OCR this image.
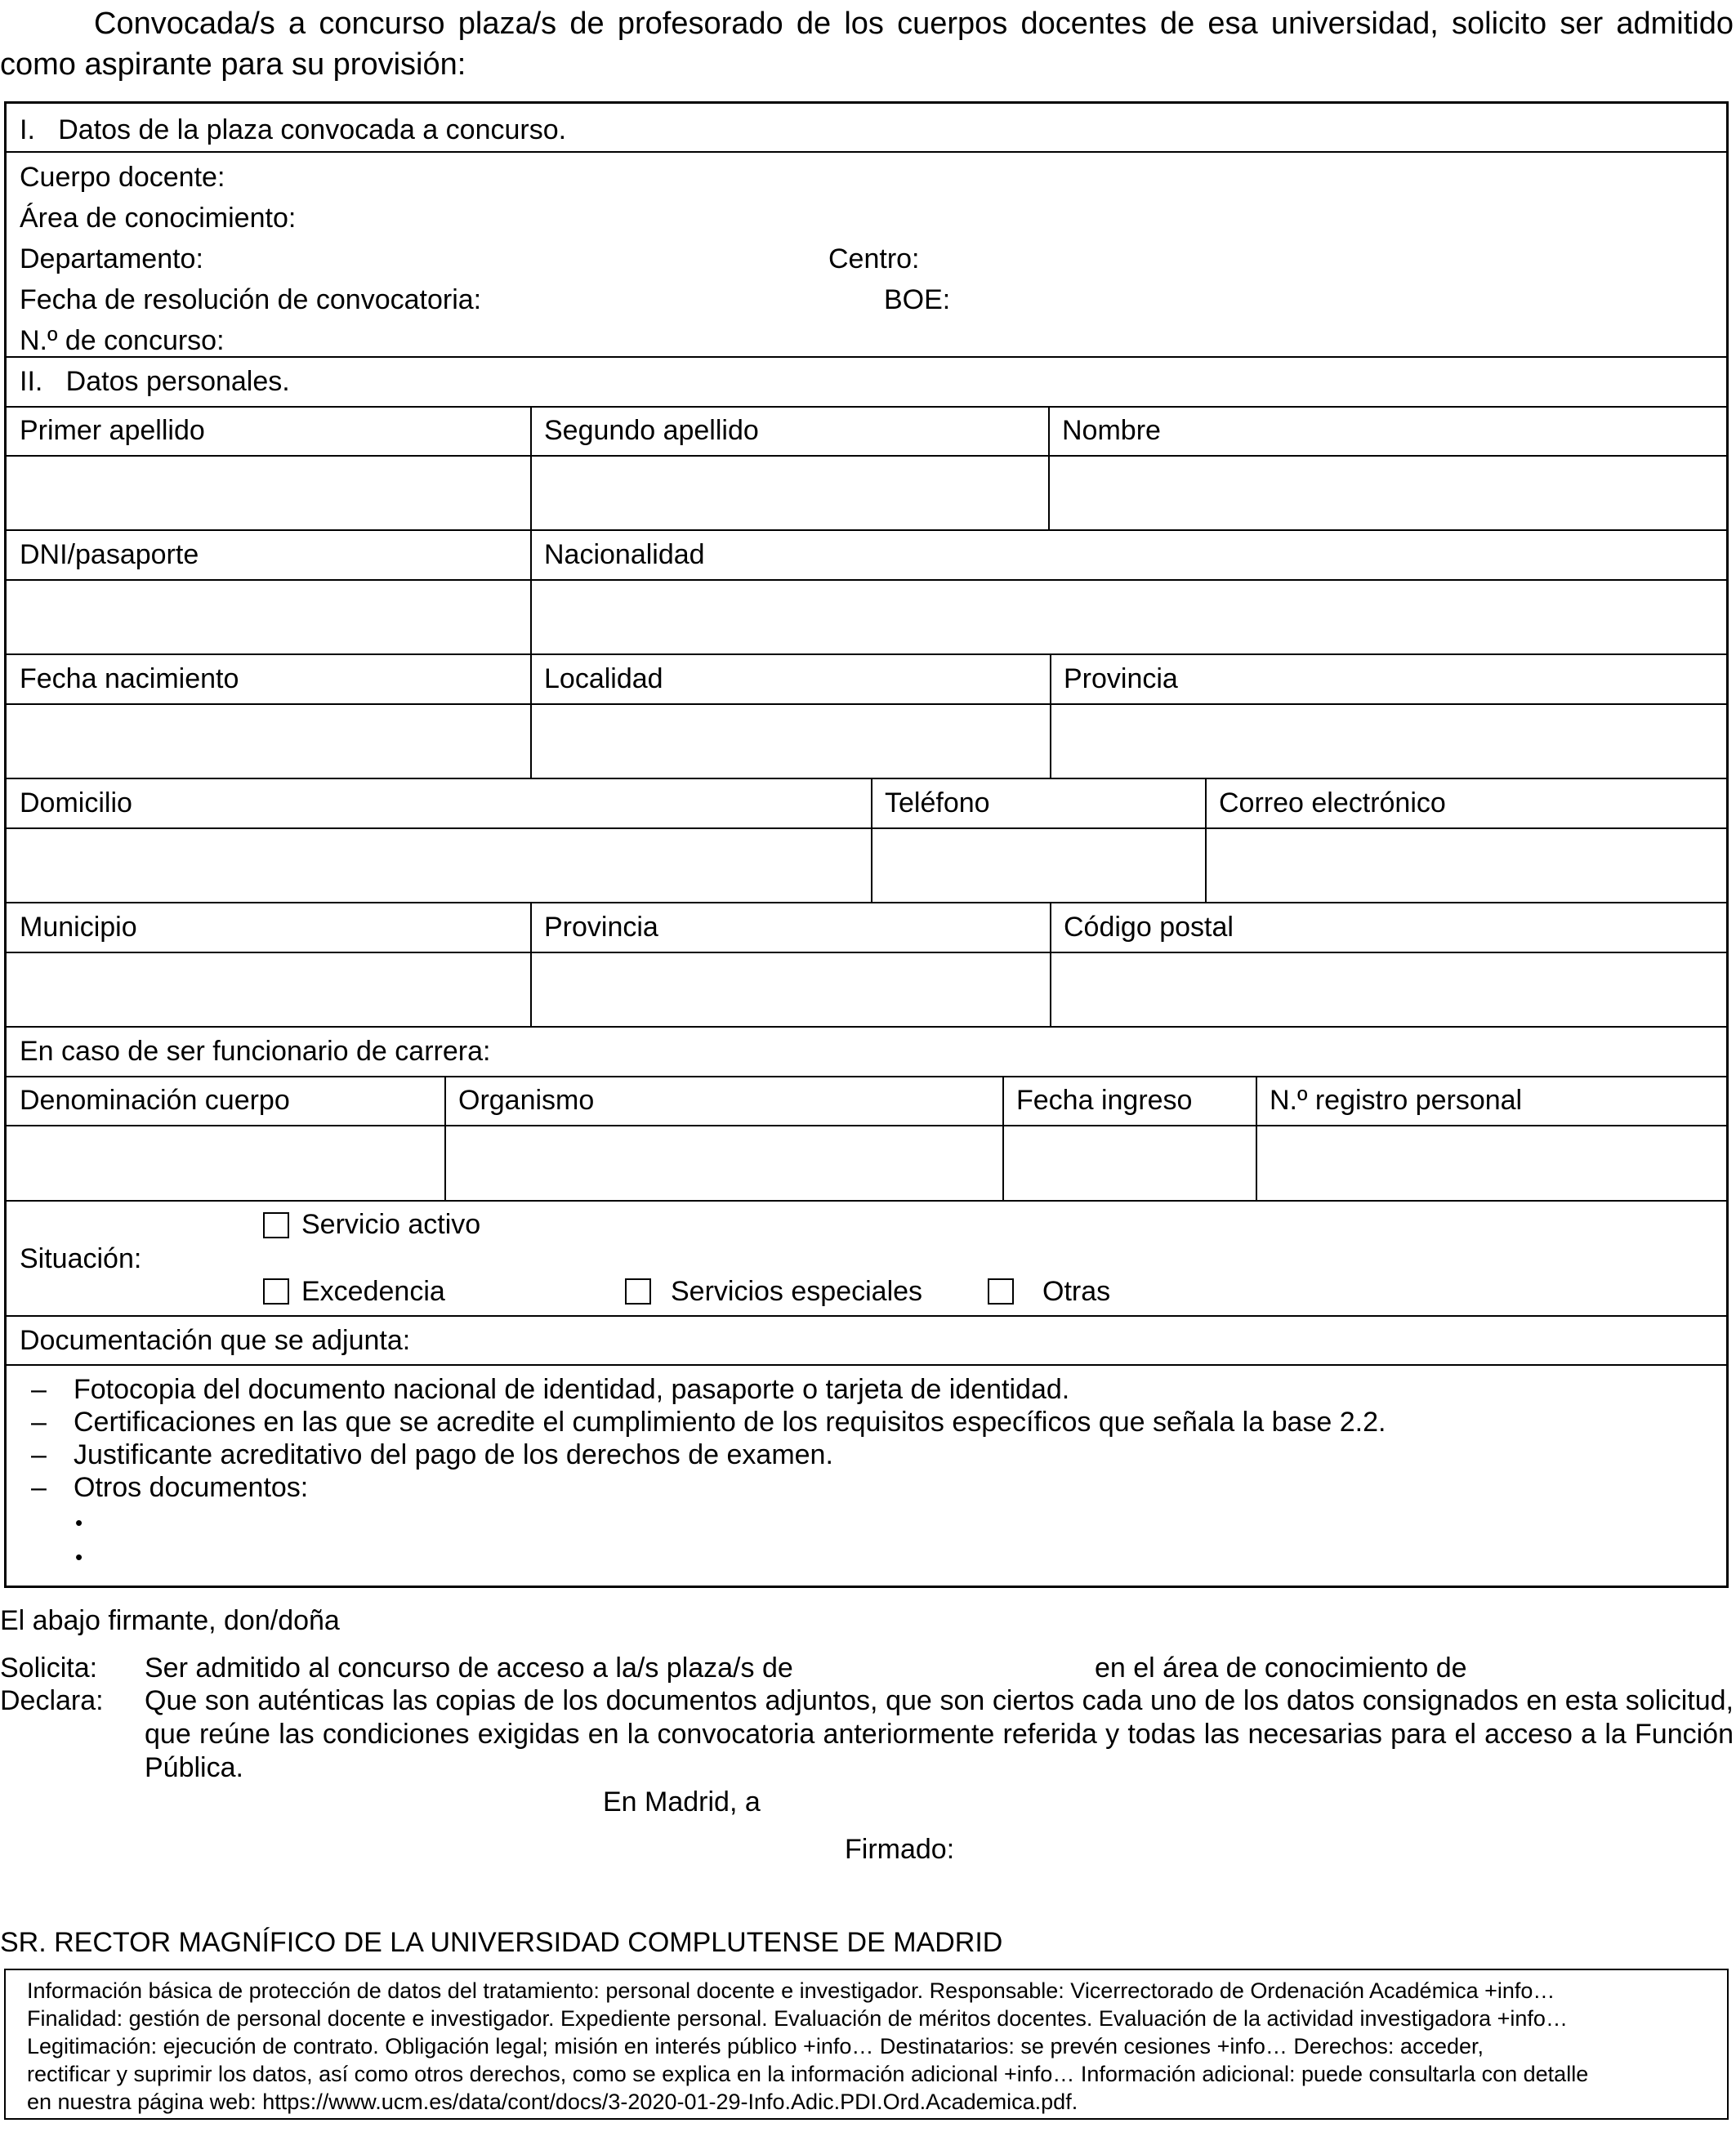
Convocada/s a concurso plaza/s de profesorado de los cuerpos docentes de esa universidad, solicito ser admitido como aspirante para su provisión:
I.   Datos de la plaza convocada a concurso.
Cuerpo docente:
Área de conocimiento:
Departamento:	Centro:
Fecha de resolución de convocatoria:	BOE:
N.º de concurso:
II.   Datos personales.
Primer apellido	Segundo apellido	Nombre
DNI/pasaporte	Nacionalidad
Fecha nacimiento	Localidad	Provincia
Domicilio	Teléfono	Correo electrónico
Municipio	Provincia	Código postal
En caso de ser funcionario de carrera:
Denominación cuerpo	Organismo	Fecha ingreso	N.º registro personal
Situación:
Servicio activo
Excedencia	Servicios especiales	Otras
Documentación que se adjunta:
– Fotocopia del documento nacional de identidad, pasaporte o tarjeta de identidad.
– Certificaciones en las que se acredite el cumplimiento de los requisitos específicos que señala la base 2.2.
– Justificante acreditativo del pago de los derechos de examen.
– Otros documentos:
•
•
El abajo firmante, don/doña
Solicita: Ser admitido al concurso de acceso a la/s plaza/s de	en el área de conocimiento de
Declara: Que son auténticas las copias de los documentos adjuntos, que son ciertos cada uno de los datos consignados en esta solicitud, que reúne las condiciones exigidas en la convocatoria anteriormente referida y todas las necesarias para el acceso a la Función Pública.
En Madrid, a
Firmado:
SR. RECTOR MAGNÍFICO DE LA UNIVERSIDAD COMPLUTENSE DE MADRID
Información básica de protección de datos del tratamiento: personal docente e investigador. Responsable: Vicerrectorado de Ordenación Académica +info…
Finalidad: gestión de personal docente e investigador. Expediente personal. Evaluación de méritos docentes. Evaluación de la actividad investigadora +info…
Legitimación: ejecución de contrato. Obligación legal; misión en interés público +info… Destinatarios: se prevén cesiones +info… Derechos: acceder,
rectificar y suprimir los datos, así como otros derechos, como se explica en la información adicional +info… Información adicional: puede consultarla con detalle
en nuestra página web: https://www.ucm.es/data/cont/docs/3-2020-01-29-Info.Adic.PDI.Ord.Academica.pdf.
